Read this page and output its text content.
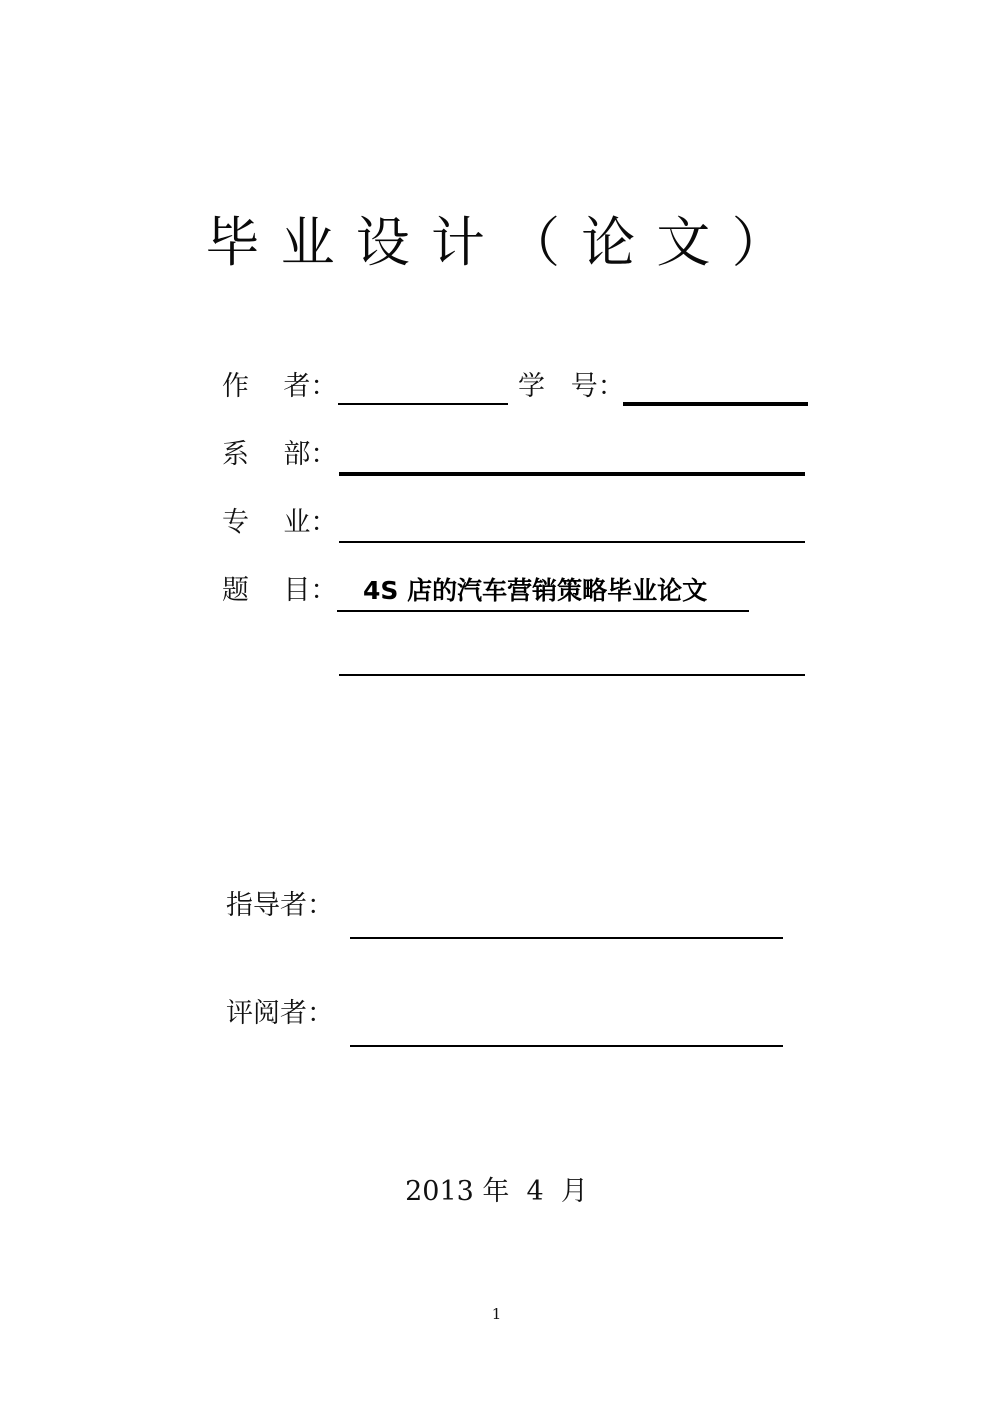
毕 业 设 计 （ 论 文 ）
作    者：	学   号：
系    部：
专    业：
题    目：	4S 店的汽车营销策略毕业论文
指导者：
评阅者：
2013 年  4  月
1
